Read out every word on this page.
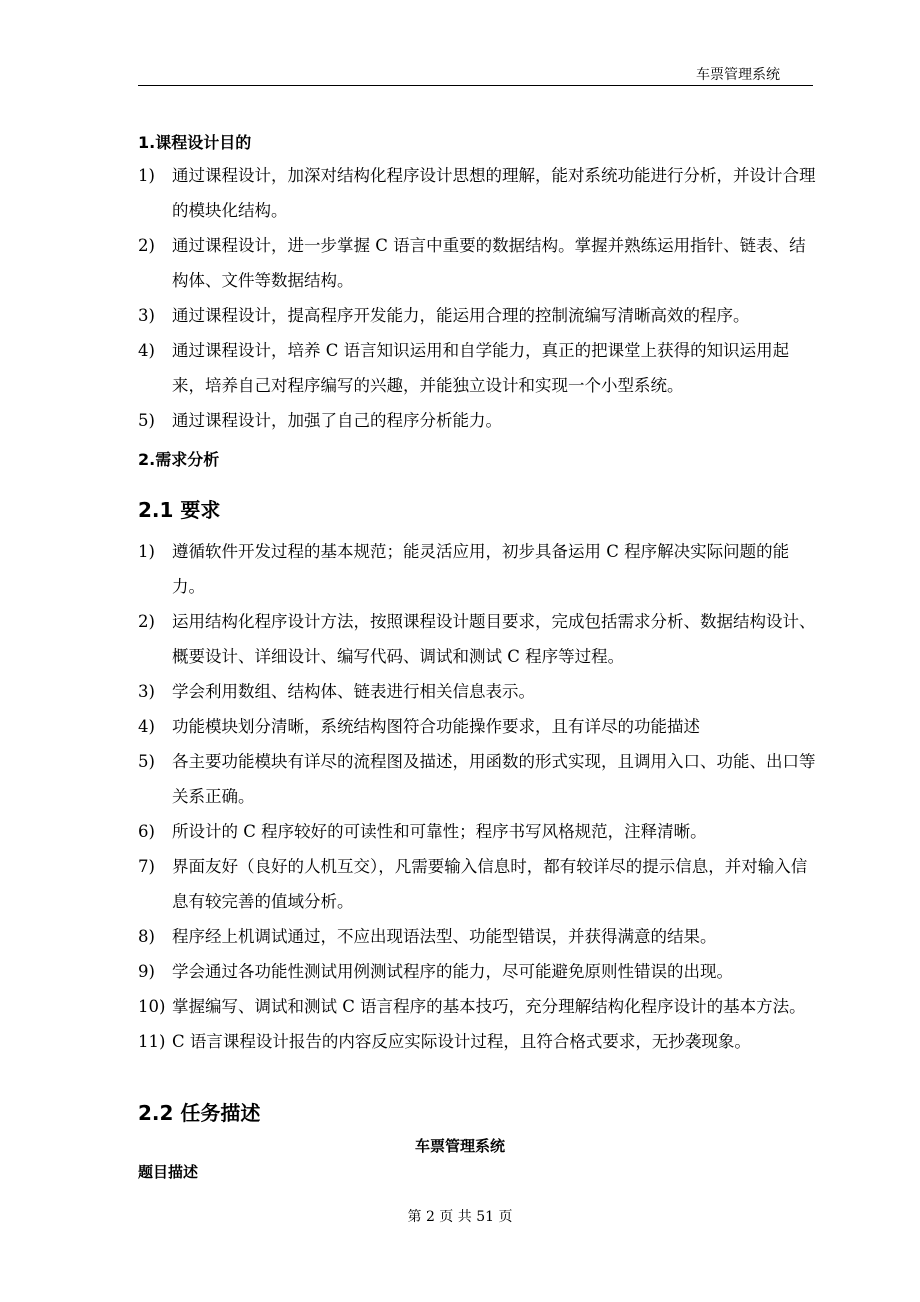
车票管理系统
1.课程设计目的
1) 通过课程设计，加深对结构化程序设计思想的理解，能对系统功能进行分析，并设计合理的模块化结构。
2) 通过课程设计，进一步掌握 C 语言中重要的数据结构。掌握并熟练运用指针、链表、结构体、文件等数据结构。
3) 通过课程设计，提高程序开发能力，能运用合理的控制流编写清晰高效的程序。
4) 通过课程设计，培养 C 语言知识运用和自学能力，真正的把课堂上获得的知识运用起来，培养自己对程序编写的兴趣，并能独立设计和实现一个小型系统。
5) 通过课程设计，加强了自己的程序分析能力。
2.需求分析
2.1 要求
1) 遵循软件开发过程的基本规范；能灵活应用，初步具备运用 C 程序解决实际问题的能力。
2) 运用结构化程序设计方法，按照课程设计题目要求，完成包括需求分析、数据结构设计、概要设计、详细设计、编写代码、调试和测试 C 程序等过程。
3) 学会利用数组、结构体、链表进行相关信息表示。
4) 功能模块划分清晰，系统结构图符合功能操作要求，且有详尽的功能描述
5) 各主要功能模块有详尽的流程图及描述，用函数的形式实现，且调用入口、功能、出口等关系正确。
6) 所设计的 C 程序较好的可读性和可靠性；程序书写风格规范，注释清晰。
7) 界面友好（良好的人机互交），凡需要输入信息时，都有较详尽的提示信息，并对输入信息有较完善的值域分析。
8) 程序经上机调试通过，不应出现语法型、功能型错误，并获得满意的结果。
9) 学会通过各功能性测试用例测试程序的能力，尽可能避免原则性错误的出现。
10) 掌握编写、调试和测试 C 语言程序的基本技巧，充分理解结构化程序设计的基本方法。
11) C 语言课程设计报告的内容反应实际设计过程，且符合格式要求，无抄袭现象。
2.2 任务描述
车票管理系统
题目描述
第 2 页 共 51 页
